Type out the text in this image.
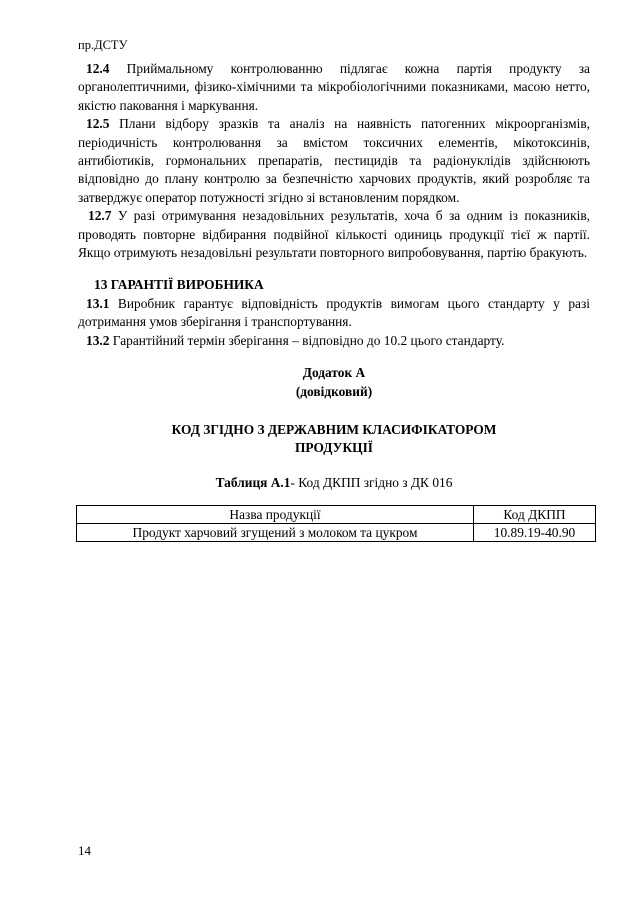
пр.ДСТУ

12.4 Приймальному контролюванню підлягає кожна партія продукту за органолептичними, фізико-хімічними та мікробіологічними показниками, масою нетто, якістю паковання і маркування.

12.5 Плани відбору зразків та аналіз на наявність патогенних мікроорганізмів, періодичність контролювання за вмістом токсичних елементів, мікотоксинів, антибіотиків, гормональних препаратів, пестицидів та радіонуклідів здійснюють відповідно до плану контролю за безпечністю харчових продуктів, який розробляє та затверджує оператор потужності згідно зі встановленим порядком.

12.7 У разі отримування незадовільних результатів, хоча б за одним із показників, проводять повторне відбирання подвійної кількості одиниць продукції тієї ж партії. Якщо отримують незадовільні результати повторного випробовування, партію бракують.

13 ГАРАНТІЇ ВИРОБНИКА

13.1 Виробник гарантує відповідність продуктів вимогам цього стандарту у разі дотримання умов зберігання і транспортування.

13.2 Гарантійний термін зберігання – відповідно до 10.2 цього стандарту.

Додаток А

(довідковий)

КОД ЗГІДНО З ДЕРЖАВНИМ КЛАСИФІКАТОРОМ

ПРОДУКЦІЇ

Таблиця А.1- Код ДКПП згідно з ДК 016

Назва продукції	Код ДКПП
Продукт харчовий згущений з молоком та цукром	10.89.19-40.90
14
